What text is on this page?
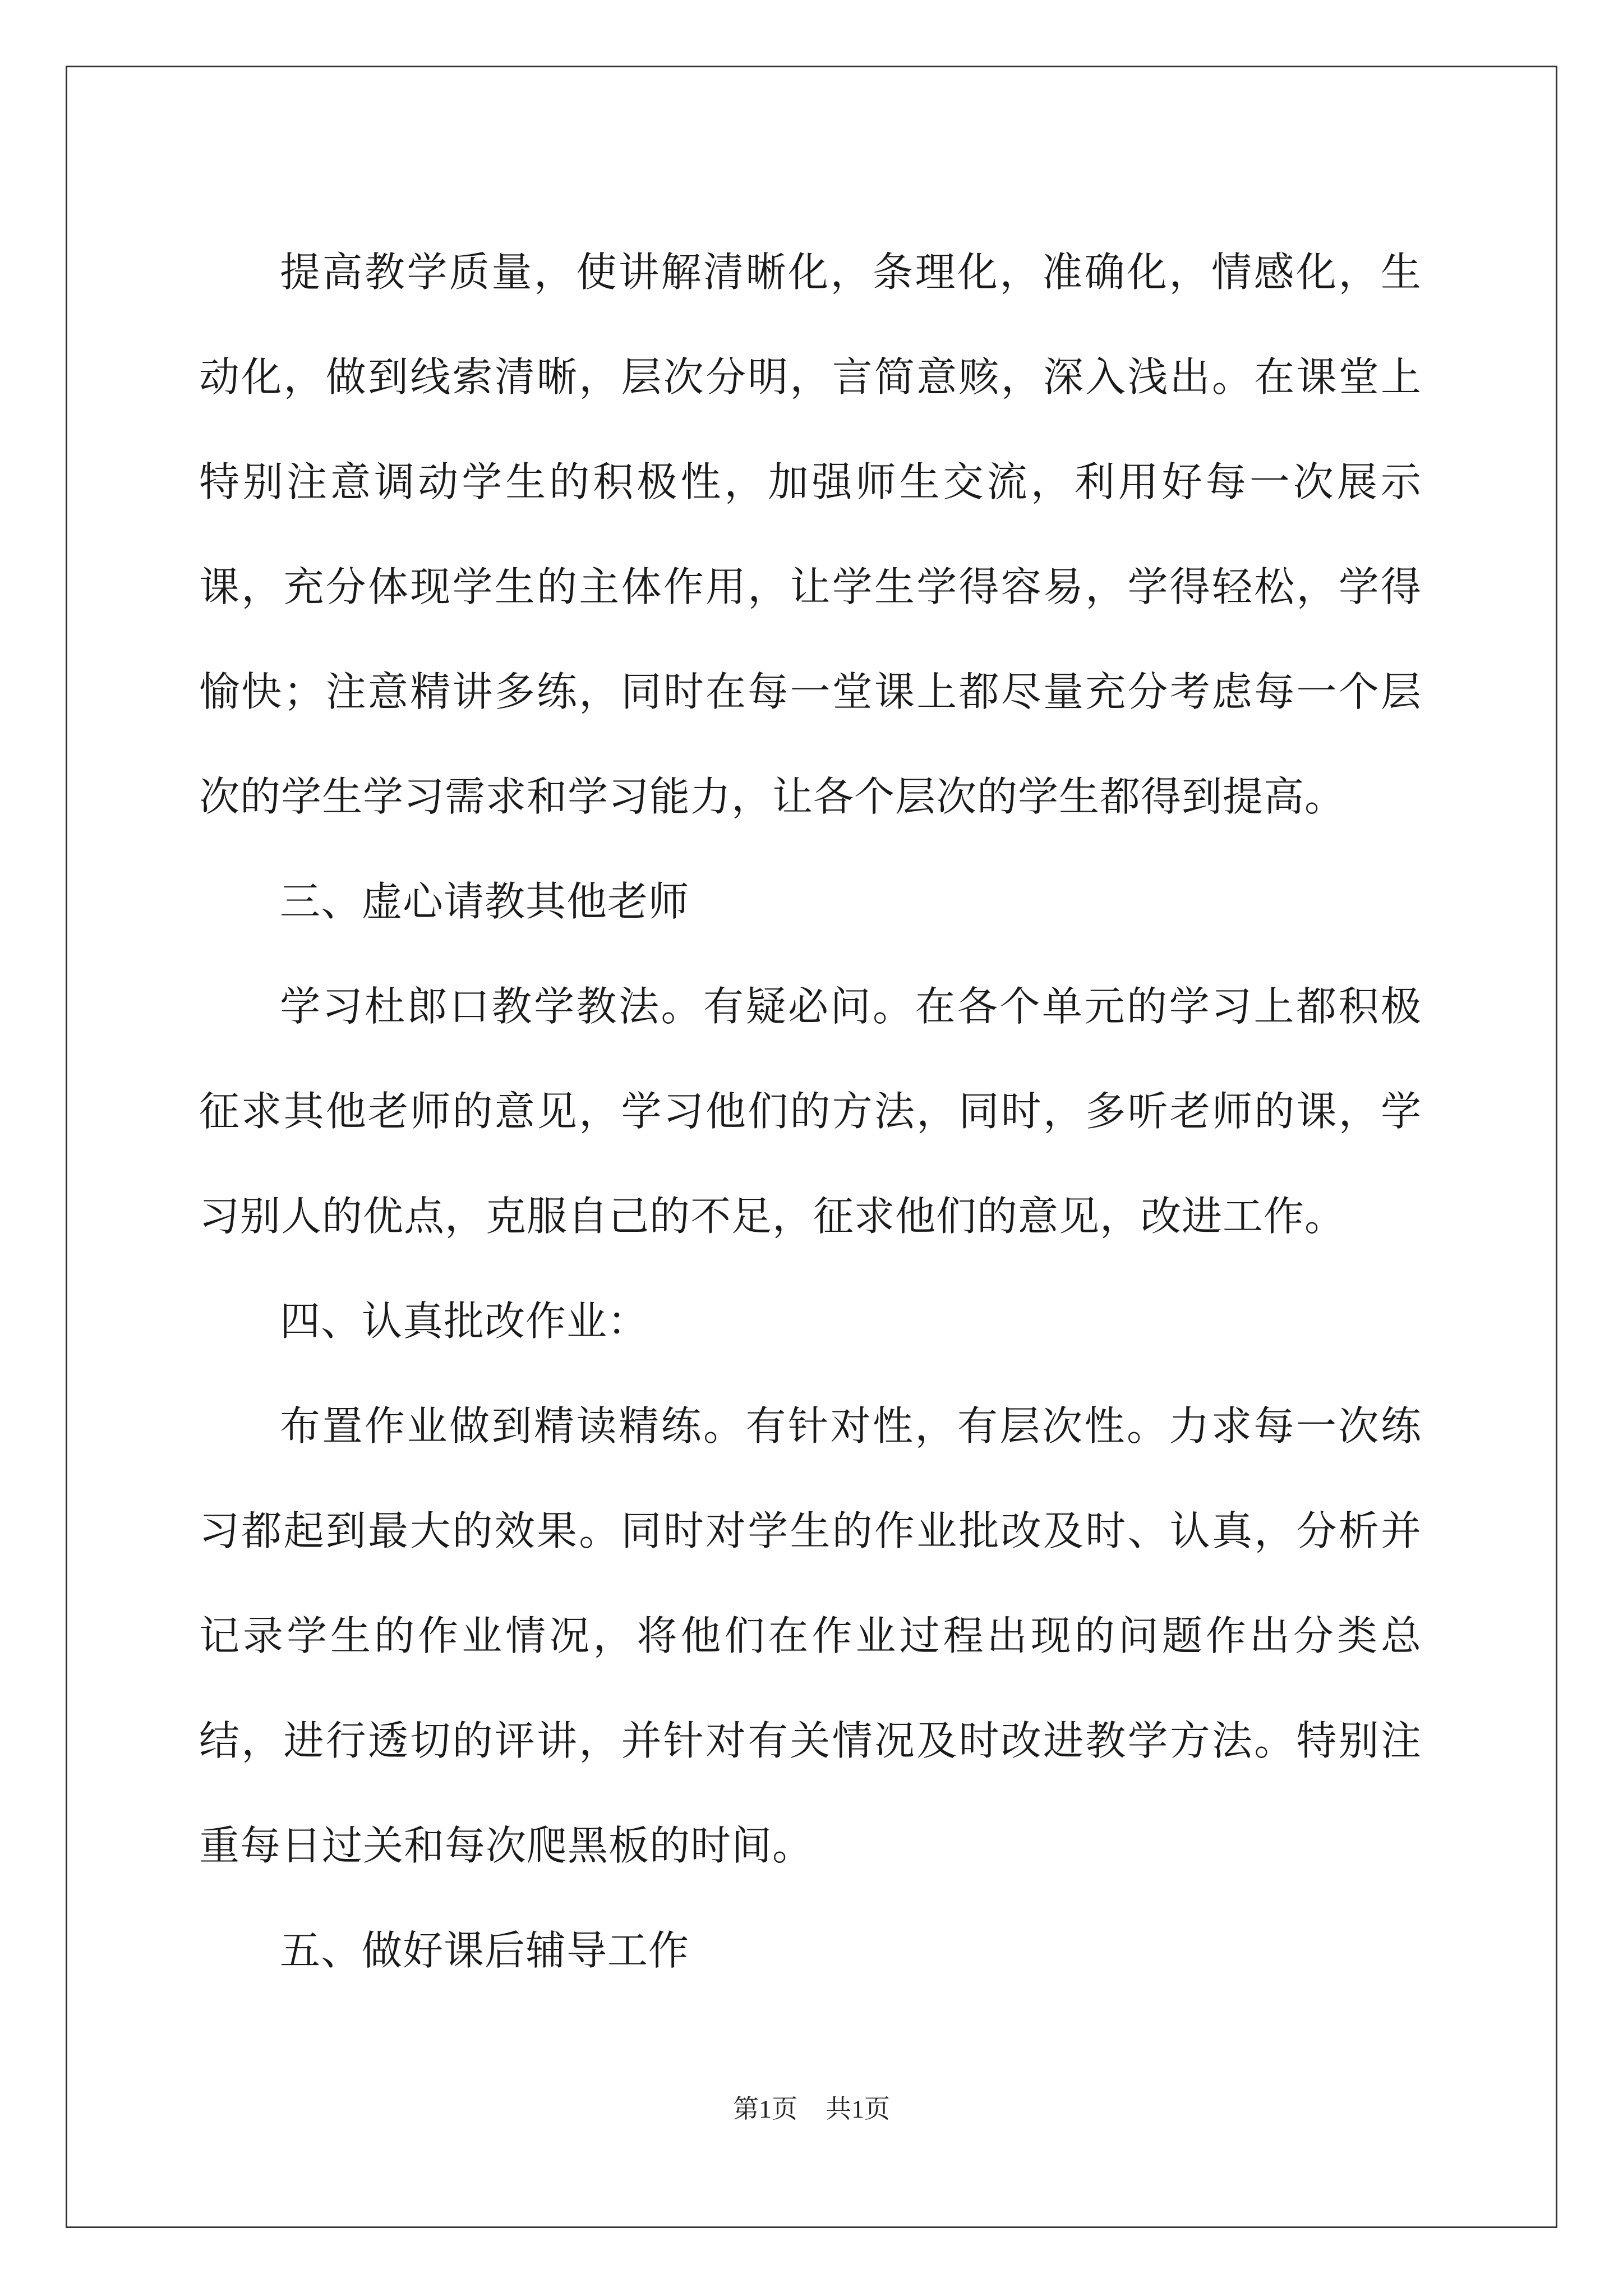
提高教学质量，使讲解清晰化，条理化，准确化，情感化，生动化，做到线索清晰，层次分明，言简意赅，深入浅出。在课堂上特别注意调动学生的积极性，加强师生交流，利用好每一次展示课，充分体现学生的主体作用，让学生学得容易，学得轻松，学得愉快；注意精讲多练，同时在每一堂课上都尽量充分考虑每一个层次的学生学习需求和学习能力，让各个层次的学生都得到提高。

三、虚心请教其他老师

学习杜郎口教学教法。有疑必问。在各个单元的学习上都积极征求其他老师的意见，学习他们的方法，同时，多听老师的课，学习别人的优点，克服自己的不足，征求他们的意见，改进工作。

四、认真批改作业：

布置作业做到精读精练。有针对性，有层次性。力求每一次练习都起到最大的效果。同时对学生的作业批改及时、认真，分析并记录学生的作业情况，将他们在作业过程出现的问题作出分类总结，进行透切的评讲，并针对有关情况及时改进教学方法。特别注重每日过关和每次爬黑板的时间。

五、做好课后辅导工作

第1页 共1页
